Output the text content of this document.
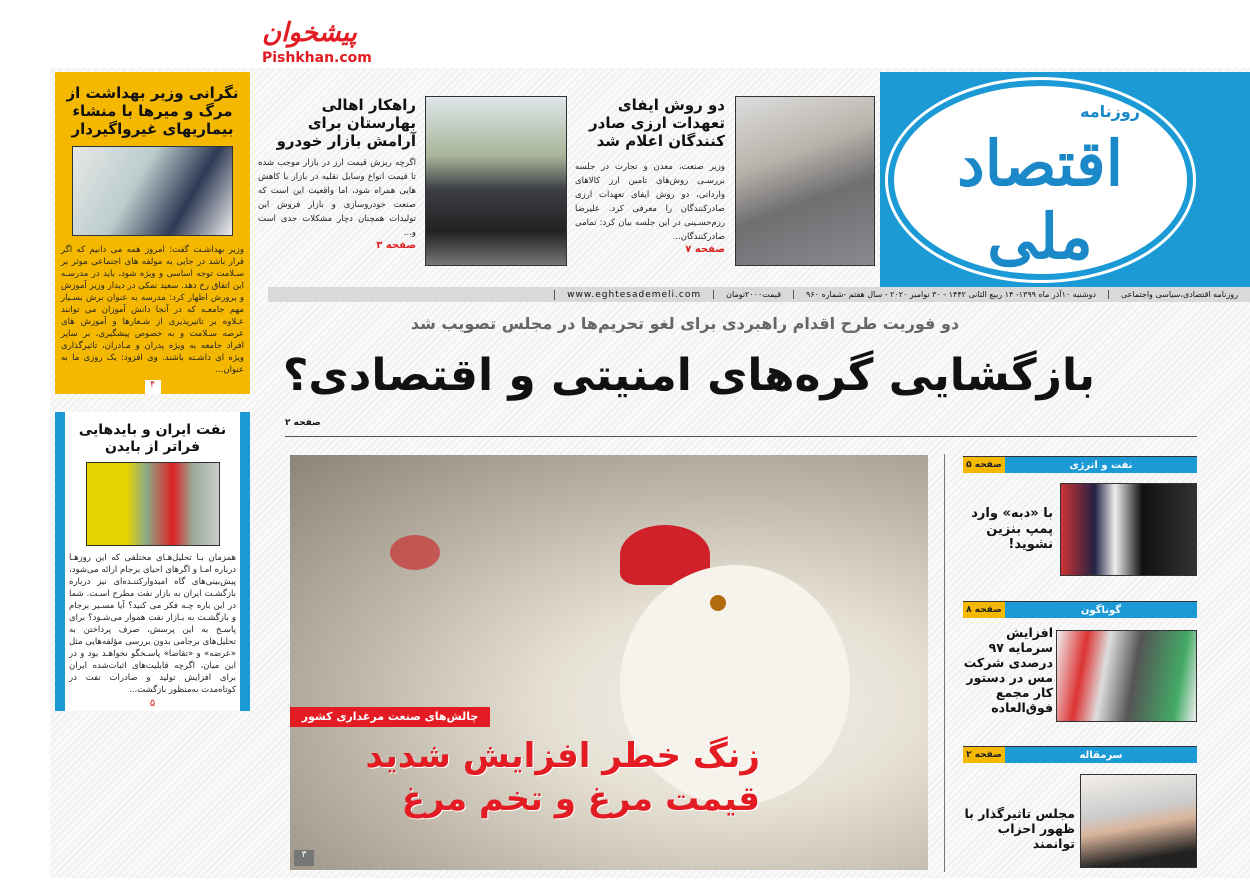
روزنامه
اقتصاد ملی
پیشخوان
Pishkhan.com
دو روش ایفای تعهدات ارزی صادر کنندگان اعلام شد
وزیر صنعت، معدن و تجارت در جلسه بررسـی روش‌های تامین ارز کالاهای وارداتی، دو روش ایفای تعهدات ارزی صادرکنندگان را معرفی کرد. علیرضا رزم‌حسـینی در این جلسه بیان کرد: تمامی صادرکنندگان...
صفحه ۷
راهکار اهالی بهارستان برای آرامش بازار خودرو
اگرچه ریزش قیمت ارز در بازار موجب شده تا قیمت انواع وسایل نقلیه در بازار با کاهش هایی همراه شود، اما واقعیت این است که صنعت خودروسازی و بازار فروش این تولیدات همچنان دچار مشکلات جدی است و...
صفحه ۳
روزنامه اقتصادی،سیاسی واجتماعی
دوشنبه ۱۰آذر ماه ۱۳۹۹- ۱۴ ربیع الثانی ۱۴۴۲ - ۳۰ نوامبر ۲۰۲۰ - سال هفتم -شماره ۹۶۰
قیمت۲۰۰۰تومان
www.eghtesademeli.com
نگرانی وزیر بهداشت از مرگ و میرها با منشاء بیماریهای غیرواگیردار
وزیر بهداشـت گفت: امروز همه می دانیم که اگر قرار باشد در جایی به مولفه های اجتماعی موثر بر سـلامت توجه اساسی و ویژه شود، باید در مدرسـه این اتفاق رخ دهد. سعید نمکی در دیدار وزیر آموزش و پرورش اظهار کرد: مدرسه به عنوان برش بسـیار مهم جامعـه که در آنجا دانش آموزان می توانند عـلاوه بر تاثیرپذیری از شـعارها و آموزش های عرصه سـلامت و به خصوص پیشگیری، بر سایر افراد جامعه به ویژه پدران و مـادران، تاثیرگذاری ویژه ای داشـته باشند. وی افزود: یک روزی ما به عنوان...
۴
نفت ایران و بایدهایی فراتر از بایدن
همزمان بـا تحلیل‌هـای مختلفی که این روزهـا درباره امـا و اگرهای احیای برجام ارائه می‌شود، پیش‌بینی‌های گاه امیدوارکننـده‌ای نیز درباره بازگشـت ایران به بازار نفت مطرح اسـت. شما در این باره چـه فکر می کنید؟ آیا مسـیر برجام و بازگشـت به بـازار نفت هموار می‌شـود؟ برای پاسـخ به این پرسش، صرف پرداختن به تحلیل‌های برجامی بدون بررسی مؤلفه‌هایی مثل «عرضه» و «تقاضا» پاسـخگو نخواهـد بود و در این میان، اگرچه قابلیت‌های اثبات‌شده ایران برای افزایش تولید و صادرات نفت در کوتاه‌مدت به‌منظور بازگشت...
۵
دو فوریت طرح اقدام راهبردی برای لغو تحریم‌ها در مجلس تصویب شد
بازگشایی گره‌های امنیتی و اقتصادی؟
صفحه ۲
چالش‌های صنعت مرغداری کشور
زنگ خطر افزایش شدید
قیمت مرغ و تخم مرغ
۳
نفت و انرژی
صفحه ۵
با «دبه» وارد پمپ بنزین نشوید!
گوناگون
صفحه ۸
افزایش سرمایه ۹۷ درصدی شرکت مس در دستور کار مجمع فوق‌العاده
سرمقاله
صفحه ۲
مجلس تاثیرگذار با ظهور احزاب توانمند
